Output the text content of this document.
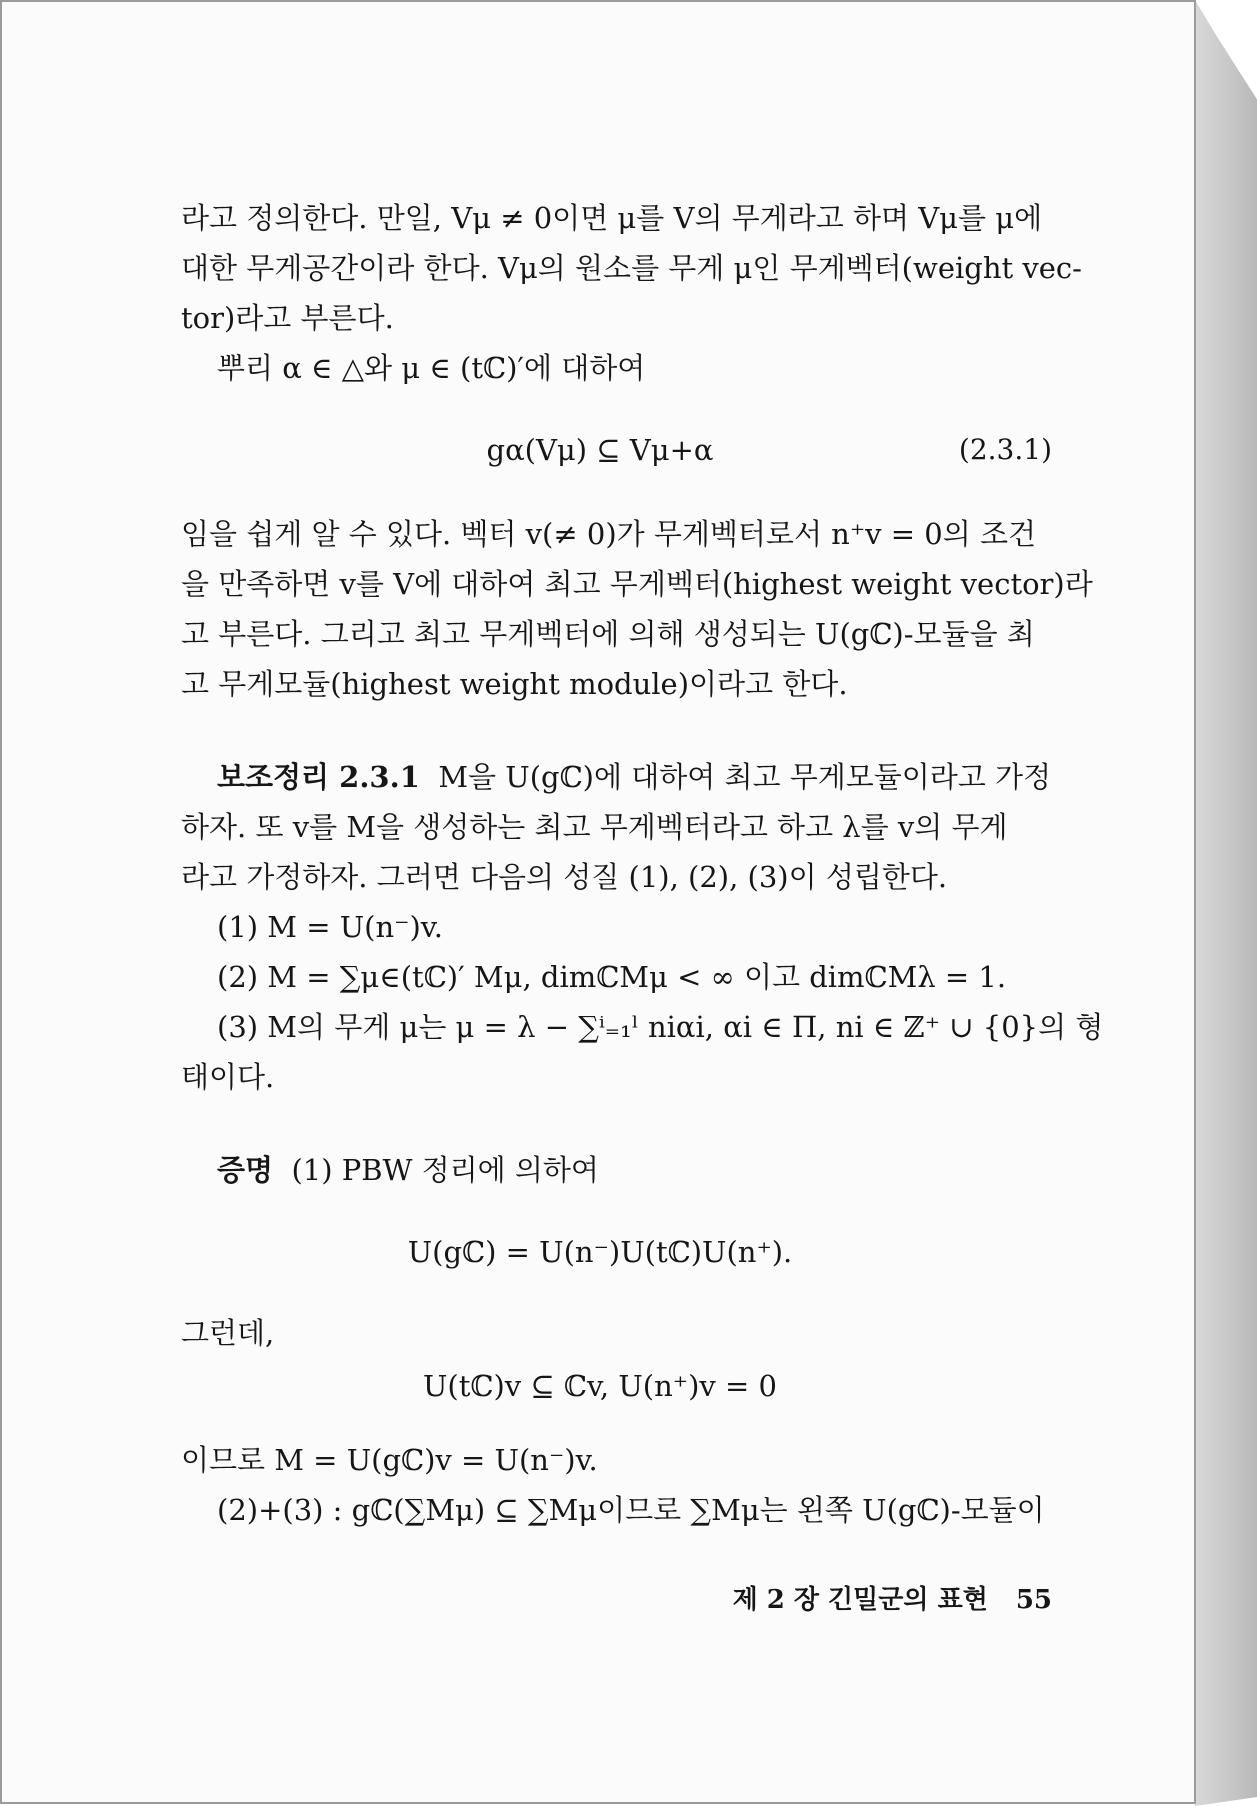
라고 정의한다. 만일, Vμ ≠ 0이면 μ를 V의 무게라고 하며 Vμ를 μ에
대한 무게공간이라 한다. Vμ의 원소를 무게 μ인 무게벡터(weight vec-
tor)라고 부른다.
뿌리 α ∈ △와 μ ∈ (tℂ)′에 대하여
gα(Vμ) ⊆ Vμ+α	(2.3.1)
임을 쉽게 알 수 있다. 벡터 v(≠ 0)가 무게벡터로서 n⁺v = 0의 조건
을 만족하면 v를 V에 대하여 최고 무게벡터(highest weight vector)라
고 부른다. 그리고 최고 무게벡터에 의해 생성되는 U(gℂ)-모듈을 최
고 무게모듈(highest weight module)이라고 한다.
보조정리 2.3.1 M을 U(gℂ)에 대하여 최고 무게모듈이라고 가정
하자. 또 v를 M을 생성하는 최고 무게벡터라고 하고 λ를 v의 무게
라고 가정하자. 그러면 다음의 성질 (1), (2), (3)이 성립한다.
(1) M = U(n⁻)v.
(2) M = ∑μ∈(tℂ)′ Mμ, dimℂMμ < ∞ 이고 dimℂMλ = 1.
(3) M의 무게 μ는 μ = λ − ∑ⁱ₌₁ˡ niαi, αi ∈ Π, ni ∈ ℤ⁺ ∪ {0}의 형
태이다.
증명 (1) PBW 정리에 의하여
U(gℂ) = U(n⁻)U(tℂ)U(n⁺).
그런데,
U(tℂ)v ⊆ ℂv, U(n⁺)v = 0
이므로 M = U(gℂ)v = U(n⁻)v.
(2)+(3) : gℂ(∑Mμ) ⊆ ∑Mμ이므로 ∑Mμ는 왼쪽 U(gℂ)-모듈이
제 2 장 긴밀군의 표현 55
